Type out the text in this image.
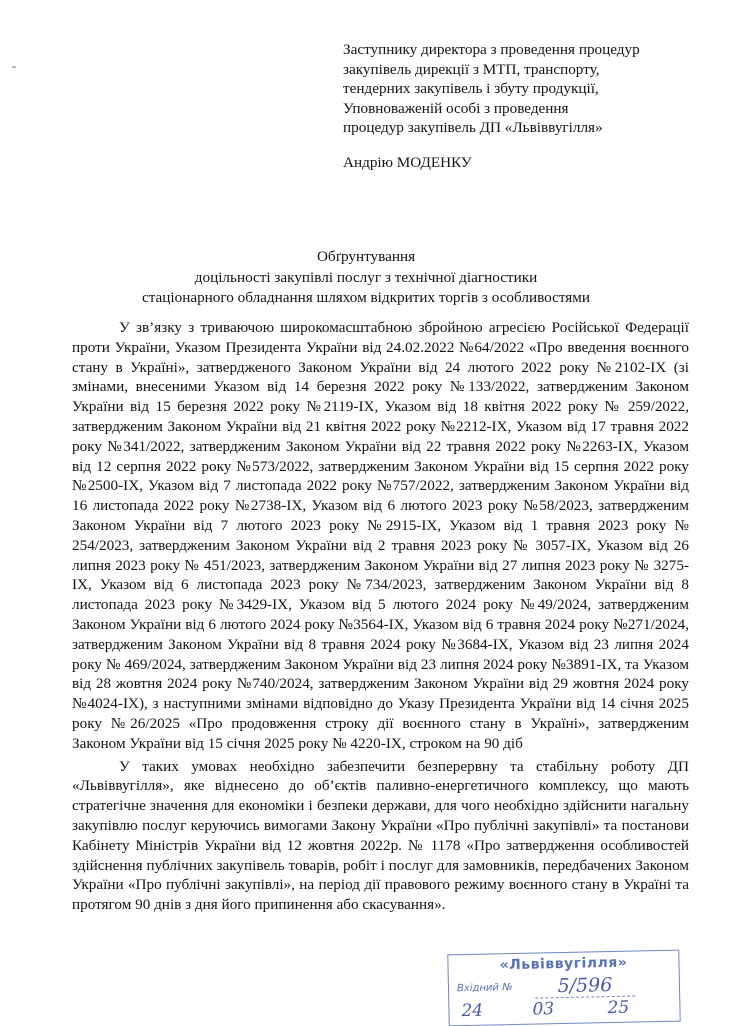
Заступнику директора з проведення процедур
закупівель дирекції з МТП, транспорту,
тендерних закупівель і збуту продукції,
Уповноваженій особі з проведення
процедур закупівель ДП «Львіввугілля»
Андрію МОДЕНКУ
Обґрунтування
доцільності закупівлі послуг з технічної діагностики
стаціонарного обладнання шляхом відкритих торгів з особливостями

У зв’язку з триваючою широкомасштабною збройною агресією Російської Федерації проти України, Указом Президента України від 24.02.2022 №64/2022 «Про введення воєнного стану в Україні», затвердженого Законом України від 24 лютого 2022 року №2102-IX (зі змінами, внесеними Указом від 14 березня 2022 року №133/2022, затвердженим Законом України від 15 березня 2022 року №2119-IX, Указом від 18 квітня 2022 року № 259/2022, затвердженим Законом України від 21 квітня 2022 року №2212-IX, Указом від 17 травня 2022 року №341/2022, затвердженим Законом України від 22 травня 2022 року №2263-IX, Указом від 12 серпня 2022 року №573/2022, затвердженим Законом України від 15 серпня 2022 року №2500-IX, Указом від 7 листопада 2022 року №757/2022, затвердженим Законом України від 16 листопада 2022 року №2738-IX, Указом від 6 лютого 2023 року №58/2023, затвердженим Законом України від 7 лютого 2023 року №2915-IX, Указом від 1 травня 2023 року № 254/2023, затвердженим Законом України від 2 травня 2023 року № 3057-IX, Указом від 26 липня 2023 року № 451/2023, затвердженим Законом України від 27 липня 2023 року № 3275-IX, Указом від 6 листопада 2023 року №734/2023, затвердженим Законом України від 8 листопада 2023 року №3429-IX, Указом від 5 лютого 2024 року №49/2024, затвердженим Законом України від 6 лютого 2024 року №3564-IX, Указом від 6 травня 2024 року №271/2024, затвердженим Законом України від 8 травня 2024 року №3684-IX, Указом від 23 липня 2024 року № 469/2024, затвердженим Законом України від 23 липня 2024 року №3891-IX, та Указом від 28 жовтня 2024 року №740/2024, затвердженим Законом України від 29 жовтня 2024 року №4024-IX), з наступними змінами відповідно до Указу Президента України від 14 січня 2025 року №26/2025 «Про продовження строку дії воєнного стану в Україні», затвердженим Законом України від 15 січня 2025 року № 4220-IX, строком на 90 діб

У таких умовах необхідно забезпечити безперервну та стабільну роботу ДП «Львіввугілля», яке віднесено до об’єктів паливно-енергетичного комплексу, що мають стратегічне значення для економіки і безпеки держави, для чого необхідно здійснити нагальну закупівлю послуг керуючись вимогами Закону України «Про публічні закупівлі» та постанови Кабінету Міністрів України від 12 жовтня 2022р. № 1178 «Про затвердження особливостей здійснення публічних закупівель товарів, робіт і послуг для замовників, передбачених Законом України «Про публічні закупівлі», на період дії правового режиму воєнного стану в Україні та протягом 90 днів з дня його припинення або скасування».

«Львіввугілля»
Вхідний №	5/596
24	03	25
